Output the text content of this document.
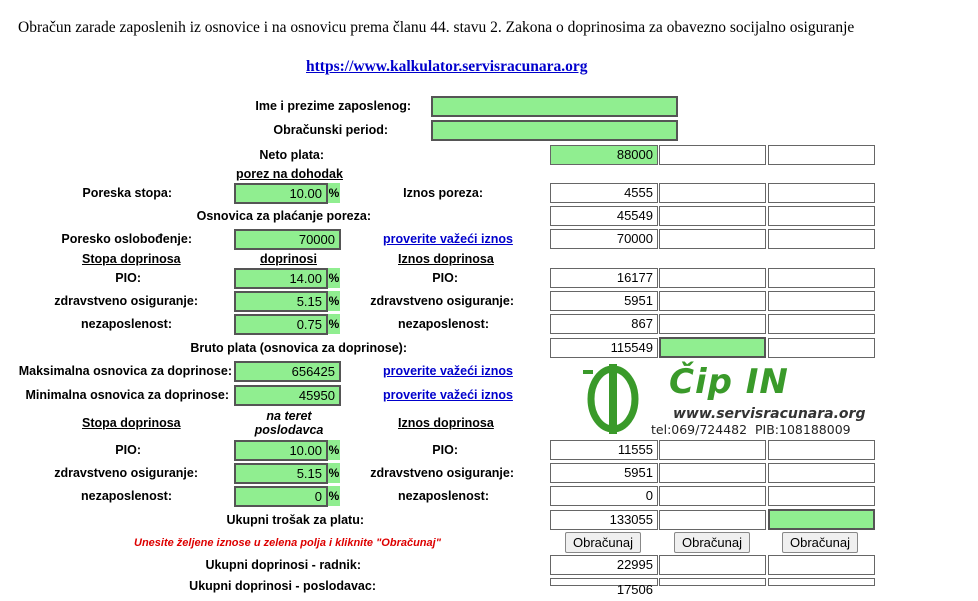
Obračun zarade zaposlenih iz osnovice i na osnovicu prema članu 44. stavu 2. Zakona o doprinosima za obavezno socijalno osiguranje
https://www.kalkulator.servisracunara.org
Ime i prezime zaposlenog:
Obračunski period:
Neto plata:	88000
porez na dohodak
Poreska stopa:	10.00 %	Iznos poreza:	4555
Osnovica za plaćanje poreza:	45549
Poresko oslobođenje:	70000	proverite važeći iznos	70000
Stopa doprinosa	doprinosi	Iznos doprinosa
PIO:	14.00 %	PIO:	16177
zdravstveno osiguranje:	5.15 % zdravstveno osiguranje:	5951
nezaposlenost:	0.75 %	nezaposlenost:	867
Bruto plata (osnovica za doprinose):	115549
Maksimalna osnovica za doprinose:	656425	proverite važeći iznos
Minimalna osnovica za doprinose:	45950	proverite važeći iznos	Čip IN
www.servisracunara.org
tel:069/724482  PIB:108188009
Stopa doprinosa	na teret poslodavca	Iznos doprinosa
PIO:	10.00 %	PIO:	11555
zdravstveno osiguranje:	5.15 % zdravstveno osiguranje:	5951
nezaposlenost:	0 %	nezaposlenost:	0
Ukupni trošak za platu:	133055
Unesite željene iznose u zelena polja i kliknite "Obračunaj"	Obračunaj	Obračunaj	Obračunaj
Ukupni doprinosi - radnik:	22995
Ukupni doprinosi - poslodavac:	17506
